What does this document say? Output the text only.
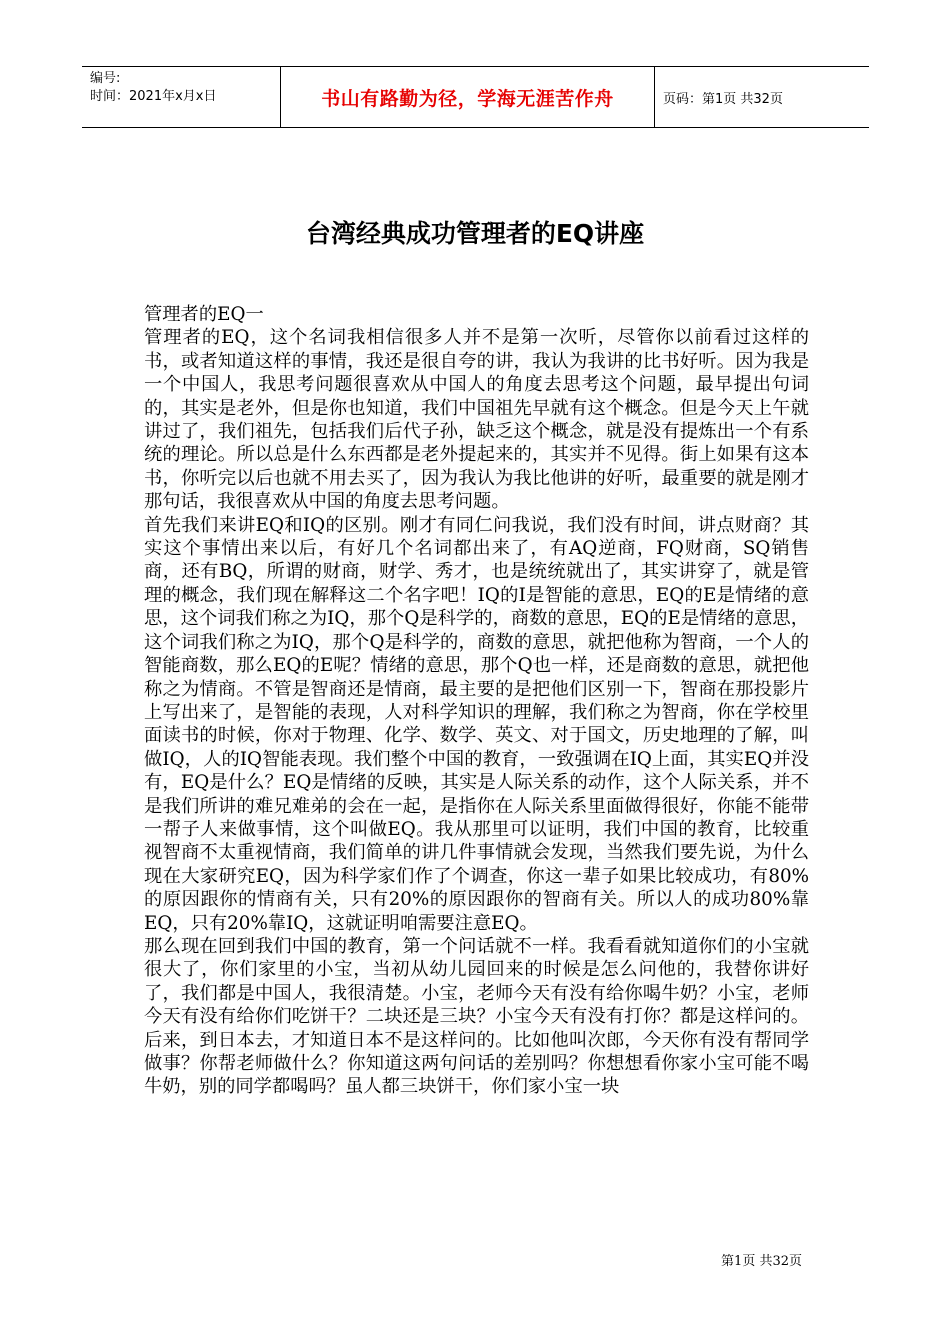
编号:
时间：2021年x月x日	书山有路勤为径，学海无涯苦作舟	页码：第1页 共32页
台湾经典成功管理者的EQ讲座

管理者的EQ一

管理者的EQ，这个名词我相信很多人并不是第一次听，尽管你以前看过这样的书，或者知道这样的事情，我还是很自夸的讲，我认为我讲的比书好听。因为我是一个中国人，我思考问题很喜欢从中国人的角度去思考这个问题，最早提出句词的，其实是老外，但是你也知道，我们中国祖先早就有这个概念。但是今天上午就讲过了，我们祖先，包括我们后代子孙，缺乏这个概念，就是没有提炼出一个有系统的理论。所以总是什么东西都是老外提起来的，其实并不见得。街上如果有这本书，你听完以后也就不用去买了，因为我认为我比他讲的好听，最重要的就是刚才那句话，我很喜欢从中国的角度去思考问题。

首先我们来讲EQ和IQ的区别。刚才有同仁问我说，我们没有时间，讲点财商？其实这个事情出来以后，有好几个名词都出来了，有AQ逆商，FQ财商，SQ销售商，还有BQ，所谓的财商，财学、秀才，也是统统就出了，其实讲穿了，就是管理的概念，我们现在解释这二个名字吧！IQ的I是智能的意思，EQ的E是情绪的意思，这个词我们称之为IQ，那个Q是科学的，商数的意思，EQ的E是情绪的意思，这个词我们称之为IQ，那个Q是科学的，商数的意思，就把他称为智商，一个人的智能商数，那么EQ的E呢？情绪的意思，那个Q也一样，还是商数的意思，就把他称之为情商。不管是智商还是情商，最主要的是把他们区别一下，智商在那投影片上写出来了，是智能的表现，人对科学知识的理解，我们称之为智商，你在学校里面读书的时候，你对于物理、化学、数学、英文、对于国文，历史地理的了解，叫做IQ，人的IQ智能表现。我们整个中国的教育，一致强调在IQ上面，其实EQ并没有，EQ是什么？EQ是情绪的反映，其实是人际关系的动作，这个人际关系，并不是我们所讲的难兄难弟的会在一起，是指你在人际关系里面做得很好，你能不能带一帮子人来做事情，这个叫做EQ。我从那里可以证明，我们中国的教育，比较重视智商不太重视情商，我们简单的讲几件事情就会发现，当然我们要先说，为什么现在大家研究EQ，因为科学家们作了个调查，你这一辈子如果比较成功，有80%的原因跟你的情商有关，只有20%的原因跟你的智商有关。所以人的成功80%靠EQ，只有20%靠IQ，这就证明咱需要注意EQ。

那么现在回到我们中国的教育，第一个问话就不一样。我看看就知道你们的小宝就很大了，你们家里的小宝，当初从幼儿园回来的时候是怎么问他的，我替你讲好了，我们都是中国人，我很清楚。小宝，老师今天有没有给你喝牛奶？小宝，老师今天有没有给你们吃饼干？二块还是三块？小宝今天有没有打你？都是这样问的。后来，到日本去，才知道日本不是这样问的。比如他叫次郎，今天你有没有帮同学做事？你帮老师做什么？你知道这两句问话的差别吗？你想想看你家小宝可能不喝牛奶，别的同学都喝吗？虽人都三块饼干，你们家小宝一块

第1页 共32页
